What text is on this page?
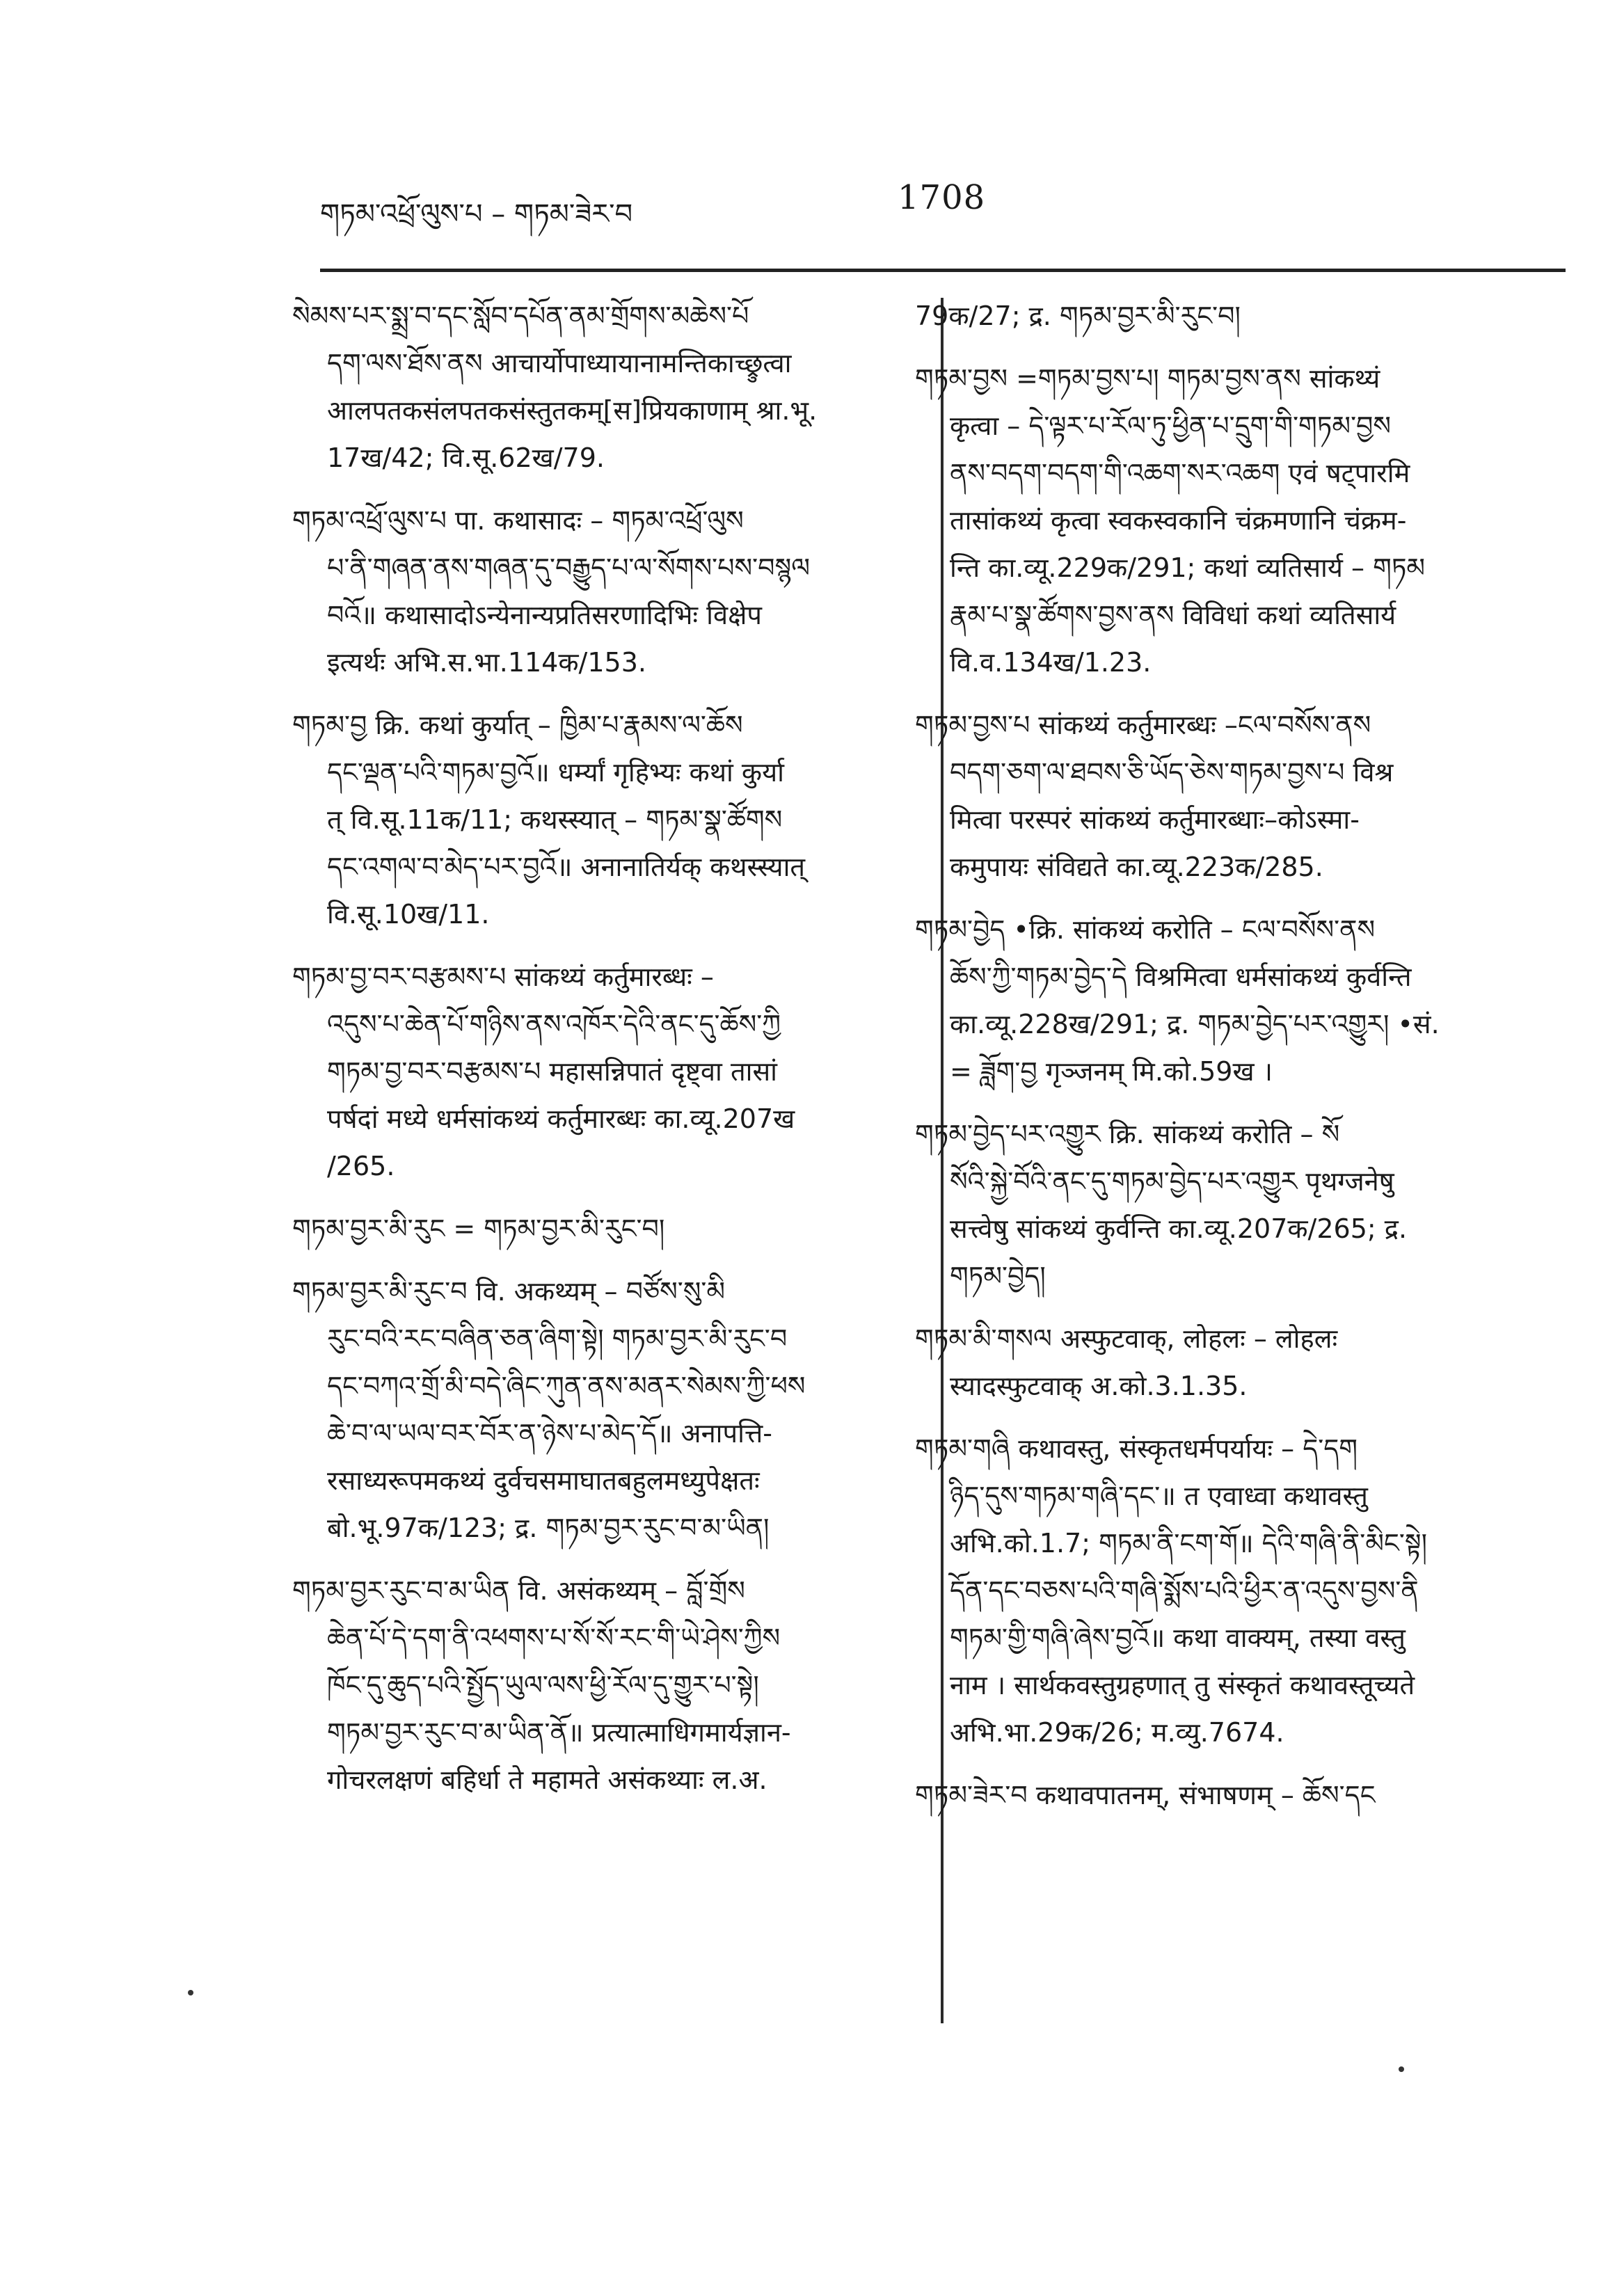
གཏམ་འཕྲོ་ལུས་པ – གཏམ་ཟེར་བ	1708
སེམས་པར་སྨྲ་བ་དང་སློབ་དཔོན་ནམ་གྲོགས་མཆེས་པོ
དག་ལས་ཐོས་ནས आचार्योपाध्यायानामन्तिकाच्छ्रुत्वा
आलपतकसंलपतकसंस्तुतकम्[स]प्रियकाणाम् श्रा.भू.
17ख/42; वि.सू.62ख/79.
གཏམ་འཕྲོ་ལུས་པ पा. कथासादः – གཏམ་འཕྲོ་ལུས
པ་ནི་གཞན་ནས་གཞན་དུ་བརྒྱུད་པ་ལ་སོགས་པས་བསྙལ
བའོ॥ कथासादोऽन्येनान्यप्रतिसरणादिभिः विक्षेप
इत्यर्थः अभि.स.भा.114क/153.
གཏམ་བྱ क्रि. कथां कुर्यात् – ཁྱིམ་པ་རྣམས་ལ་ཆོས
དང་ལྡན་པའི་གཏམ་བྱའོ॥ धर्म्यां गृहिभ्यः कथां कुर्या
त् वि.सू.11क/11; कथस्स्यात् – གཏམ་སྣ་ཚོགས
དང་འགལ་བ་མེད་པར་བྱའོ॥ अनानातिर्यक् कथस्स्यात्
वि.सू.10ख/11.
གཏམ་བྱ་བར་བརྩམས་པ सांकथ्यं कर्तुमारब्धः –
འདུས་པ་ཆེན་པོ་གཉིས་ནས་འཁོར་དེའི་ནང་དུ་ཆོས་ཀྱི
གཏམ་བྱ་བར་བརྩམས་པ महासन्निपातं दृष्ट्वा तासां
पर्षदां मध्ये धर्मसांकथ्यं कर्तुमारब्धः का.व्यू.207ख
/265.
གཏམ་བྱར་མི་རུང = གཏམ་བྱར་མི་རུང་བ།
གཏམ་བྱར་མི་རུང་བ वि. अकथ्यम् – བཙོས་སུ་མི
རུང་བའི་རང་བཞིན་ཅན་ཞིག་སྟེ། གཏམ་བྱར་མི་རུང་བ
དང་བཀའ་གྲོ་མི་བདེ་ཞིང་ཀུན་ནས་མནར་སེམས་ཀྱི་ཕས
ཆེ་བ་ལ་ཡལ་བར་བོར་ན་ཉེས་པ་མེད་དོ॥ अनापत्ति-
रसाध्यरूपमकथ्यं दुर्वचसमाघातबहुलमध्युपेक्षतः
बो.भू.97क/123; द्र. གཏམ་བྱར་རུང་བ་མ་ཡིན།
གཏམ་བྱར་རུང་བ་མ་ཡིན वि. असंकथ्यम् – བློ་གྲོས
ཆེན་པོ་དེ་དག་ནི་འཕགས་པ་སོ་སོ་རང་གི་ཡེ་ཤེས་ཀྱིས
ཁོང་དུ་ཆུད་པའི་སྤྱོད་ཡུལ་ལས་ཕྱི་རོལ་དུ་གྱུར་པ་སྟེ།
གཏམ་བྱར་རུང་བ་མ་ཡིན་ནོ॥ प्रत्यात्माधिगमार्यज्ञान-
गोचरलक्षणं बहिर्धा ते महामते असंकथ्याः ल.अ.
79क/27; द्र. གཏམ་བྱར་མི་རུང་བ།
གཏམ་བྱས =གཏམ་བྱས་པ། གཏམ་བྱས་ནས सांकथ्यं
कृत्वा – དེ་ལྟར་པ་རོལ་ཏུ་ཕྱིན་པ་དྲུག་གི་གཏམ་བྱས
ནས་བདག་བདག་གི་འཆག་སར་འཆག एवं षट्पारमि
तासांकथ्यं कृत्वा स्वकस्वकानि चंक्रमणानि चंक्रम-
न्ति का.व्यू.229क/291; कथां व्यतिसार्य – གཏམ
རྣམ་པ་སྣ་ཚོགས་བྱས་ནས विविधां कथां व्यतिसार्य
वि.व.134ख/1.23.
གཏམ་བྱས་པ सांकथ्यं कर्तुमारब्धः –ངལ་བསོས་ནས
བདག་ཅག་ལ་ཐབས་ཅི་ཡོད་ཅེས་གཏམ་བྱས་པ विश्र
मित्वा परस्परं सांकथ्यं कर्तुमारब्धाः–कोऽस्मा-
कमुपायः संविद्यते का.व्यू.223क/285.
གཏམ་བྱེད •क्रि. सांकथ्यं करोति – ངལ་བསོས་ནས
ཆོས་ཀྱི་གཏམ་བྱེད་དེ विश्रमित्वा धर्मसांकथ्यं कुर्वन्ति
का.व्यू.228ख/291; द्र. གཏམ་བྱེད་པར་འགྱུར། •सं.
= ཟློག་བྱ गृञ्जनम् मि.को.59ख ।
གཏམ་བྱེད་པར་འགྱུར क्रि. सांकथ्यं करोति – སོ
སོའི་སྐྱེ་བོའི་ནང་དུ་གཏམ་བྱེད་པར་འགྱུར पृथग्जनेषु
सत्त्वेषु सांकथ्यं कुर्वन्ति का.व्यू.207क/265; द्र.
གཏམ་བྱེད།
གཏམ་མི་གསལ अस्फुटवाक्, लोहलः – लोहलः
स्यादस्फुटवाक् अ.को.3.1.35.
གཏམ་གཞི कथावस्तु, संस्कृतधर्मपर्यायः – དེ་དག
ཉིད་དུས་གཏམ་གཞི་དང་॥ त एवाध्वा कथावस्तु
अभि.को.1.7; གཏམ་ནི་ངག་གོ॥ དེའི་གཞི་ནི་མིང་སྟེ།
དོན་དང་བཅས་པའི་གཞི་སྨོས་པའི་ཕྱིར་ན་འདུས་བྱས་ནི
གཏམ་གྱི་གཞི་ཞེས་བྱའོ॥ कथा वाक्यम्, तस्या वस्तु
नाम । सार्थकवस्तुग्रहणात् तु संस्कृतं कथावस्तूच्यते
अभि.भा.29क/26; म.व्यु.7674.
གཏམ་ཟེར་བ कथावपातनम्, संभाषणम् – ཆོས་དང
